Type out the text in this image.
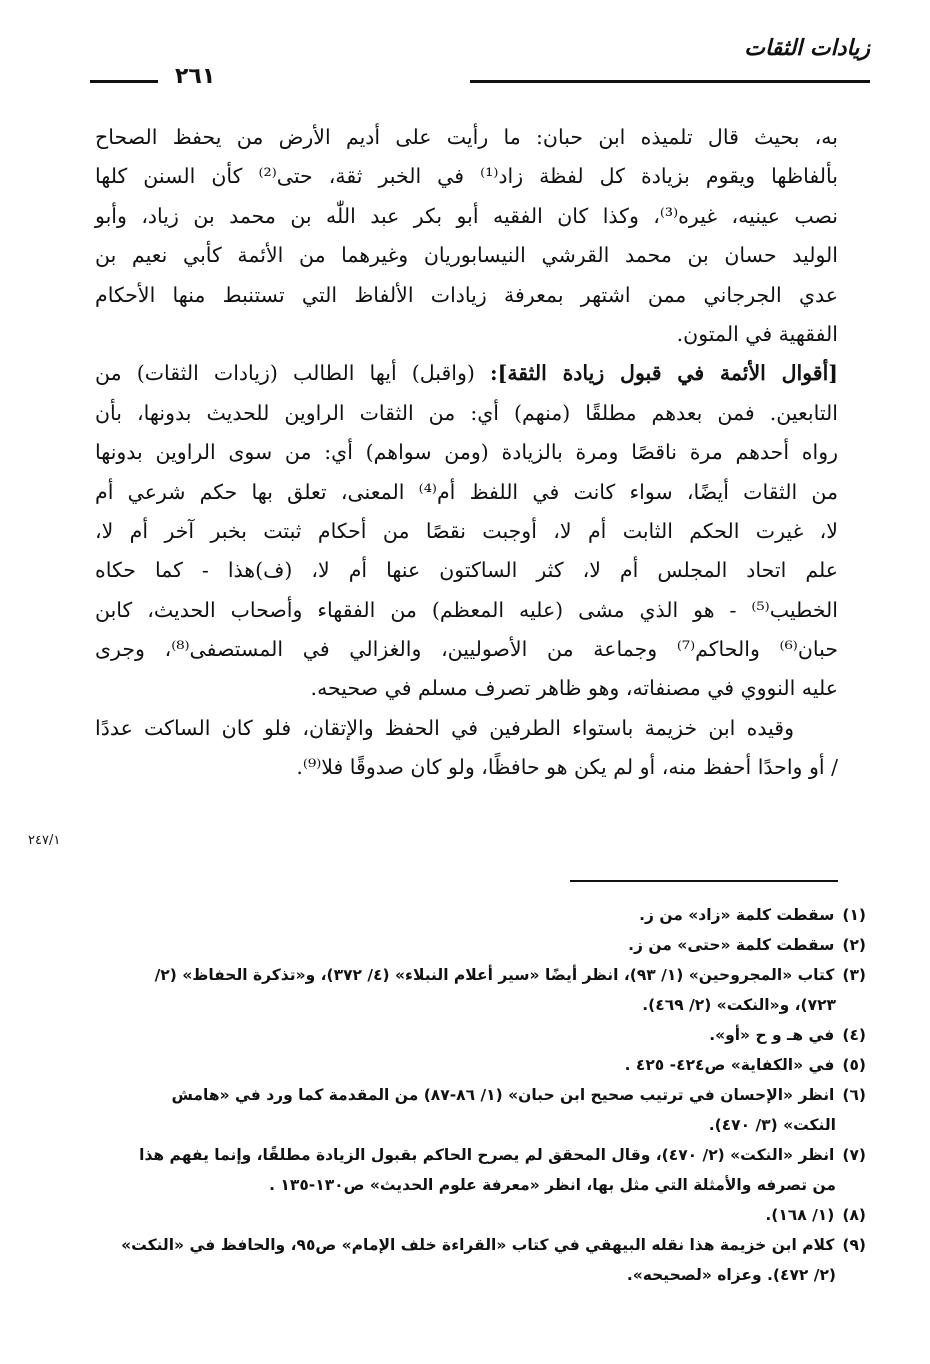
زيادات الثقات
٢٦١
به، بحيث قال تلميذه ابن حبان: ما رأيت على أديم الأرض من يحفظ الصحاح
بألفاظها ويقوم بزيادة كل لفظة زاد⁽¹⁾ في الخبر ثقة، حتى⁽²⁾ كأن السنن كلها
نصب عينيه، غيره⁽³⁾، وكذا كان الفقيه أبو بكر عبد اللّٰه بن محمد بن زياد، وأبو
الوليد حسان بن محمد القرشي النيسابوريان وغيرهما من الأئمة كأبي نعيم بن
عدي الجرجاني ممن اشتهر بمعرفة زيادات الألفاظ التي تستنبط منها الأحكام
الفقهية في المتون.
[أقوال الأئمة في قبول زيادة الثقة]: (واقبل) أيها الطالب (زيادات الثقات) من
التابعين. فمن بعدهم مطلقًا (منهم) أي: من الثقات الراوين للحديث بدونها، بأن
رواه أحدهم مرة ناقصًا ومرة بالزيادة (ومن سواهم) أي: من سوى الراوين بدونها
من الثقات أيضًا، سواء كانت في اللفظ أم⁽⁴⁾ المعنى، تعلق بها حكم شرعي أم
لا، غيرت الحكم الثابت أم لا، أوجبت نقصًا من أحكام ثبتت بخبر آخر أم لا،
علم اتحاد المجلس أم لا، كثر الساكتون عنها أم لا، (ف)هذا - كما حكاه
الخطيب⁽⁵⁾ - هو الذي مشى (عليه المعظم) من الفقهاء وأصحاب الحديث، كابن
حبان⁽⁶⁾ والحاكم⁽⁷⁾ وجماعة من الأصوليين، والغزالي في المستصفى⁽⁸⁾، وجرى
عليه النووي في مصنفاته، وهو ظاهر تصرف مسلم في صحيحه.
وقيده ابن خزيمة باستواء الطرفين في الحفظ والإتقان، فلو كان الساكت عددًا
/ أو واحدًا أحفظ منه، أو لم يكن هو حافظًا، ولو كان صدوقًا فلا⁽⁹⁾.
٢٤٧/١
(١)سقطت كلمة «زاد» من ز.
(٢)سقطت كلمة «حتى» من ز.
(٣)كتاب «المجروحين» (١/ ٩٣)، انظر أيضًا «سير أعلام النبلاء» (٤/ ٣٧٢)، و«تذكرة الحفاظ» (٢/
٧٢٣)، و«النكت» (٢/ ٤٦٩).
(٤)في هـ و ح «أو».
(٥)في «الكفاية» ص٤٢٤- ٤٢٥ .
(٦)انظر «الإحسان في ترتيب صحيح ابن حبان» (١/ ٨٦-٨٧) من المقدمة كما ورد في «هامش
النكت» (٣/ ٤٧٠).
(٧)انظر «النكت» (٢/ ٤٧٠)، وقال المحقق لم يصرح الحاكم بقبول الزيادة مطلقًا، وإنما يفهم هذا
من تصرفه والأمثلة التي مثل بها، انظر «معرفة علوم الحديث» ص١٣٠-١٣٥ .
(٨)(١/ ١٦٨).
(٩)كلام ابن خزيمة هذا نقله البيهقي في كتاب «القراءة خلف الإمام» ص٩٥، والحافظ في «النكت»
(٢/ ٤٧٢). وعزاه «لصحيحه».
